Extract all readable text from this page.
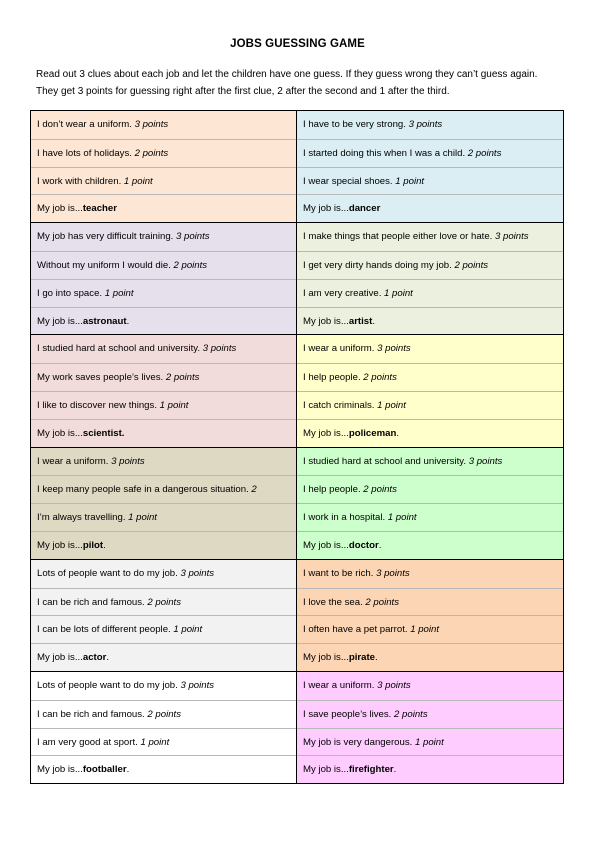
JOBS GUESSING GAME
Read out 3 clues about each job and let the children have one guess. If they guess wrong they can’t guess again. They get 3 points for guessing right after the first clue, 2 after the second and 1 after the third.
I don’t wear a uniform. 3 points
I have lots of holidays. 2 points
I work with children. 1 point
My job is...teacher
I have to be very strong. 3 points
I started doing this when I was a child. 2 points
I wear special shoes. 1 point
My job is...dancer
My job has very difficult training. 3 points
Without my uniform I would die. 2 points
I go into space. 1 point
My job is...astronaut.
I make things that people either love or hate. 3 points
I get very dirty hands doing my job. 2 points
I am very creative. 1 point
My job is...artist.
I studied hard at school and university. 3 points
My work saves people’s lives. 2 points
I like to discover new things. 1 point
My job is...scientist.
I wear a uniform. 3 points
I help people. 2 points
I catch criminals. 1 point
My job is...policeman.
I wear a uniform. 3 points
I keep many people safe in a dangerous situation. 2
I’m always travelling. 1 point
My job is...pilot.
I studied hard at school and university. 3 points
I help people. 2 points
I work in a hospital. 1 point
My job is...doctor.
Lots of people want to do my job. 3 points
I can be rich and famous. 2 points
I can be lots of different people. 1 point
My job is...actor.
I want to be rich. 3 points
I love the sea. 2 points
I often have a pet parrot. 1 point
My job is...pirate.
Lots of people want to do my job. 3 points
I can be rich and famous. 2 points
I am very good at sport. 1 point
My job is...footballer.
I wear a uniform. 3 points
I save people’s lives. 2 points
My job is very dangerous. 1 point
My job is...firefighter.
